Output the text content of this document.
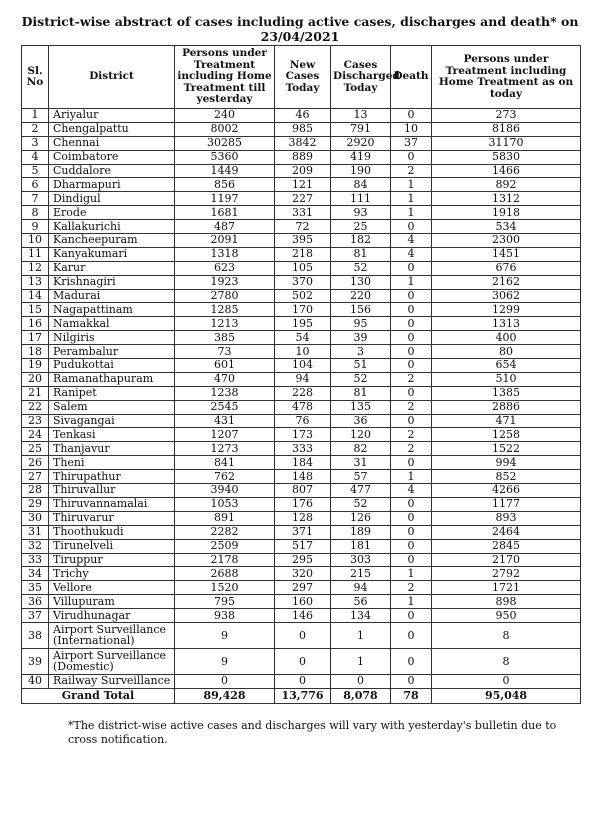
District-wise abstract of cases including active cases, discharges and death* on
23/04/2021
Sl. No	District	Persons under Treatment including Home Treatment till yesterday	New Cases Today	Cases Discharged Today	Death	Persons under Treatment including Home Treatment as on today
1	Ariyalur	240	46	13	0	273
2	Chengalpattu	8002	985	791	10	8186
3	Chennai	30285	3842	2920	37	31170
4	Coimbatore	5360	889	419	0	5830
5	Cuddalore	1449	209	190	2	1466
6	Dharmapuri	856	121	84	1	892
7	Dindigul	1197	227	111	1	1312
8	Erode	1681	331	93	1	1918
9	Kallakurichi	487	72	25	0	534
10	Kancheepuram	2091	395	182	4	2300
11	Kanyakumari	1318	218	81	4	1451
12	Karur	623	105	52	0	676
13	Krishnagiri	1923	370	130	1	2162
14	Madurai	2780	502	220	0	3062
15	Nagapattinam	1285	170	156	0	1299
16	Namakkal	1213	195	95	0	1313
17	Nilgiris	385	54	39	0	400
18	Perambalur	73	10	3	0	80
19	Pudukottai	601	104	51	0	654
20	Ramanathapuram	470	94	52	2	510
21	Ranipet	1238	228	81	0	1385
22	Salem	2545	478	135	2	2886
23	Sivagangai	431	76	36	0	471
24	Tenkasi	1207	173	120	2	1258
25	Thanjavur	1273	333	82	2	1522
26	Theni	841	184	31	0	994
27	Thirupathur	762	148	57	1	852
28	Thiruvallur	3940	807	477	4	4266
29	Thiruvannamalai	1053	176	52	0	1177
30	Thiruvarur	891	128	126	0	893
31	Thoothukudi	2282	371	189	0	2464
32	Tirunelveli	2509	517	181	0	2845
33	Tiruppur	2178	295	303	0	2170
34	Trichy	2688	320	215	1	2792
35	Vellore	1520	297	94	2	1721
36	Villupuram	795	160	56	1	898
37	Virudhunagar	938	146	134	0	950
38	Airport Surveillance (International)	9	0	1	0	8
39	Airport Surveillance (Domestic)	9	0	1	0	8
40	Railway Surveillance	0	0	0	0	0
Grand Total		89,428	13,776	8,078	78	95,048
*The district-wise active cases and discharges will vary with yesterday's bulletin due to cross notification.
